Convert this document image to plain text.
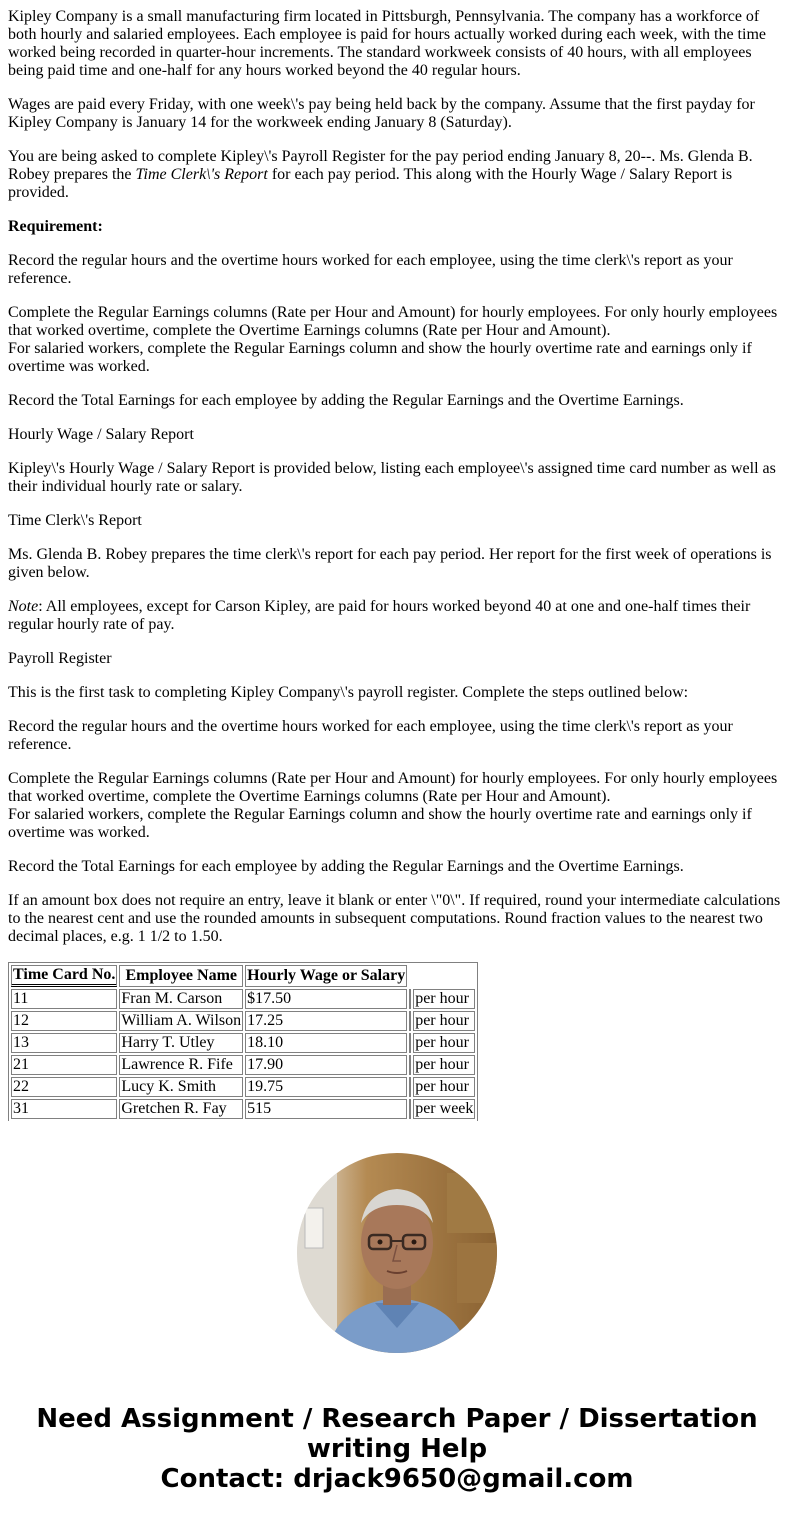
Kipley Company is a small manufacturing firm located in Pittsburgh, Pennsylvania. The company has a workforce of both hourly and salaried employees. Each employee is paid for hours actually worked during each week, with the time worked being recorded in quarter-hour increments. The standard workweek consists of 40 hours, with all employees being paid time and one-half for any hours worked beyond the 40 regular hours.

Wages are paid every Friday, with one week\'s pay being held back by the company. Assume that the first payday for Kipley Company is January 14 for the workweek ending January 8 (Saturday).

You are being asked to complete Kipley\'s Payroll Register for the pay period ending January 8, 20--. Ms. Glenda B. Robey prepares the Time Clerk\'s Report for each pay period. This along with the Hourly Wage / Salary Report is provided.

Requirement:

Record the regular hours and the overtime hours worked for each employee, using the time clerk\'s report as your reference.

Complete the Regular Earnings columns (Rate per Hour and Amount) for hourly employees. For only hourly employees that worked overtime, complete the Overtime Earnings columns (Rate per Hour and Amount).
For salaried workers, complete the Regular Earnings column and show the hourly overtime rate and earnings only if overtime was worked.

Record the Total Earnings for each employee by adding the Regular Earnings and the Overtime Earnings.

Hourly Wage / Salary Report

Kipley\'s Hourly Wage / Salary Report is provided below, listing each employee\'s assigned time card number as well as their individual hourly rate or salary.

Time Clerk\'s Report

Ms. Glenda B. Robey prepares the time clerk\'s report for each pay period. Her report for the first week of operations is given below.

Note: All employees, except for Carson Kipley, are paid for hours worked beyond 40 at one and one-half times their regular hourly rate of pay.

Payroll Register

This is the first task to completing Kipley Company\'s payroll register. Complete the steps outlined below:

Record the regular hours and the overtime hours worked for each employee, using the time clerk\'s report as your reference.

Complete the Regular Earnings columns (Rate per Hour and Amount) for hourly employees. For only hourly employees that worked overtime, complete the Overtime Earnings columns (Rate per Hour and Amount).
For salaried workers, complete the Regular Earnings column and show the hourly overtime rate and earnings only if overtime was worked.

Record the Total Earnings for each employee by adding the Regular Earnings and the Overtime Earnings.

If an amount box does not require an entry, leave it blank or enter \"0\". If required, round your intermediate calculations to the nearest cent and use the rounded amounts in subsequent computations. Round fraction values to the nearest two decimal places, e.g. 1 1/2 to 1.50.

Time Card No.	Employee Name	Hourly Wage or Salary		
11	Fran M. Carson	$17.50		per hour
12	William A. Wilson	17.25		per hour
13	Harry T. Utley	18.10		per hour
21	Lawrence R. Fife	17.90		per hour
22	Lucy K. Smith	19.75		per hour
31	Gretchen R. Fay	515		per week
Need Assignment / Research Paper / Dissertation
writing Help
Contact: drjack9650@gmail.com
